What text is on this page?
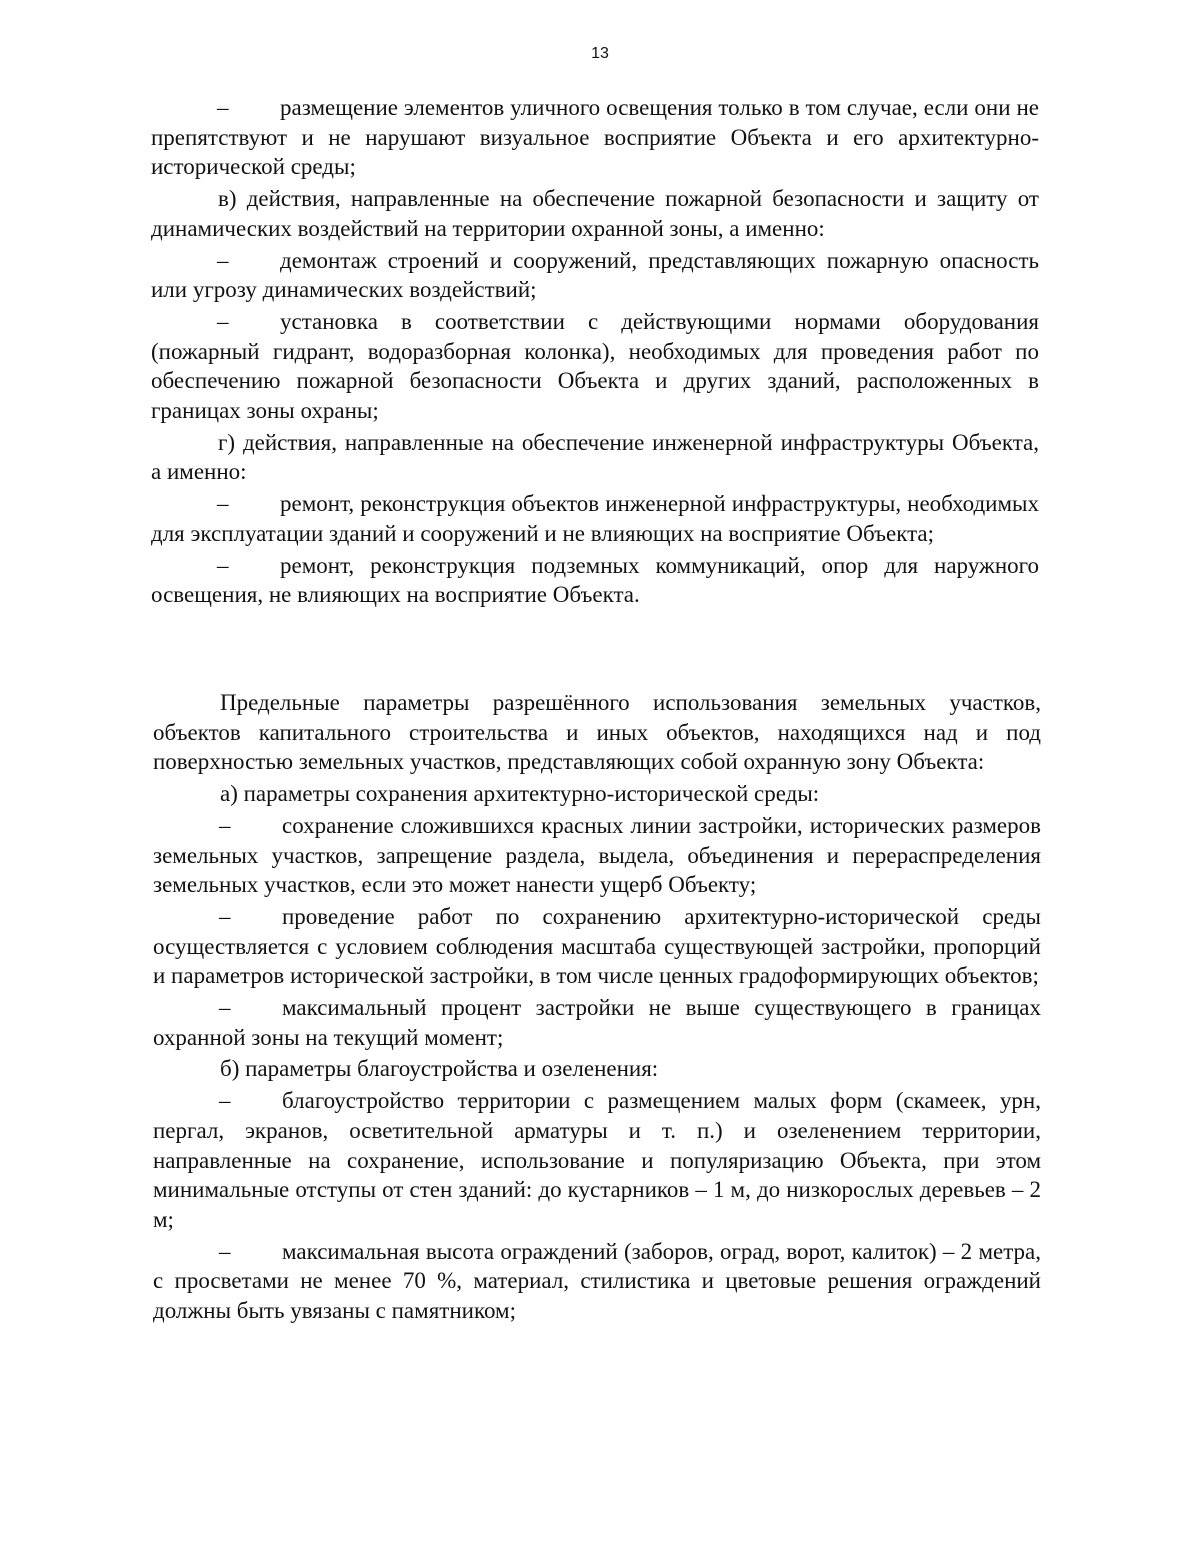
13

– размещение элементов уличного освещения только в том случае, если они не препятствуют и не нарушают визуальное восприятие Объекта и его архитектурно-исторической среды;

в) действия, направленные на обеспечение пожарной безопасности и защиту от динамических воздействий на территории охранной зоны, а именно:

– демонтаж строений и сооружений, представляющих пожарную опасность или угрозу динамических воздействий;

– установка в соответствии с действующими нормами оборудования (пожарный гидрант, водоразборная колонка), необходимых для проведения работ по обеспечению пожарной безопасности Объекта и других зданий, расположенных в границах зоны охраны;

г) действия, направленные на обеспечение инженерной инфраструктуры Объекта, а именно:

– ремонт, реконструкция объектов инженерной инфраструктуры, необходимых для эксплуатации зданий и сооружений и не влияющих на восприятие Объекта;

– ремонт, реконструкция подземных коммуникаций, опор для наружного освещения, не влияющих на восприятие Объекта.

Предельные параметры разрешённого использования земельных участков, объектов капитального строительства и иных объектов, находящихся над и под поверхностью земельных участков, представляющих собой охранную зону Объекта:

а) параметры сохранения архитектурно-исторической среды:

– сохранение сложившихся красных линии застройки, исторических размеров земельных участков, запрещение раздела, выдела, объединения и перераспределения земельных участков, если это может нанести ущерб Объекту;

– проведение работ по сохранению архитектурно-исторической среды осуществляется с условием соблюдения масштаба существующей застройки, пропорций и параметров исторической застройки, в том числе ценных градоформирующих объектов;

– максимальный процент застройки не выше существующего в границах охранной зоны на текущий момент;

б) параметры благоустройства и озеленения:

– благоустройство территории с размещением малых форм (скамеек, урн, пергал, экранов, осветительной арматуры и т. п.) и озеленением территории, направленные на сохранение, использование и популяризацию Объекта, при этом минимальные отступы от стен зданий: до кустарников – 1 м, до низкорослых деревьев – 2 м;

– максимальная высота ограждений (заборов, оград, ворот, калиток) – 2 метра, с просветами не менее 70 %, материал, стилистика и цветовые решения ограждений должны быть увязаны с памятником;
